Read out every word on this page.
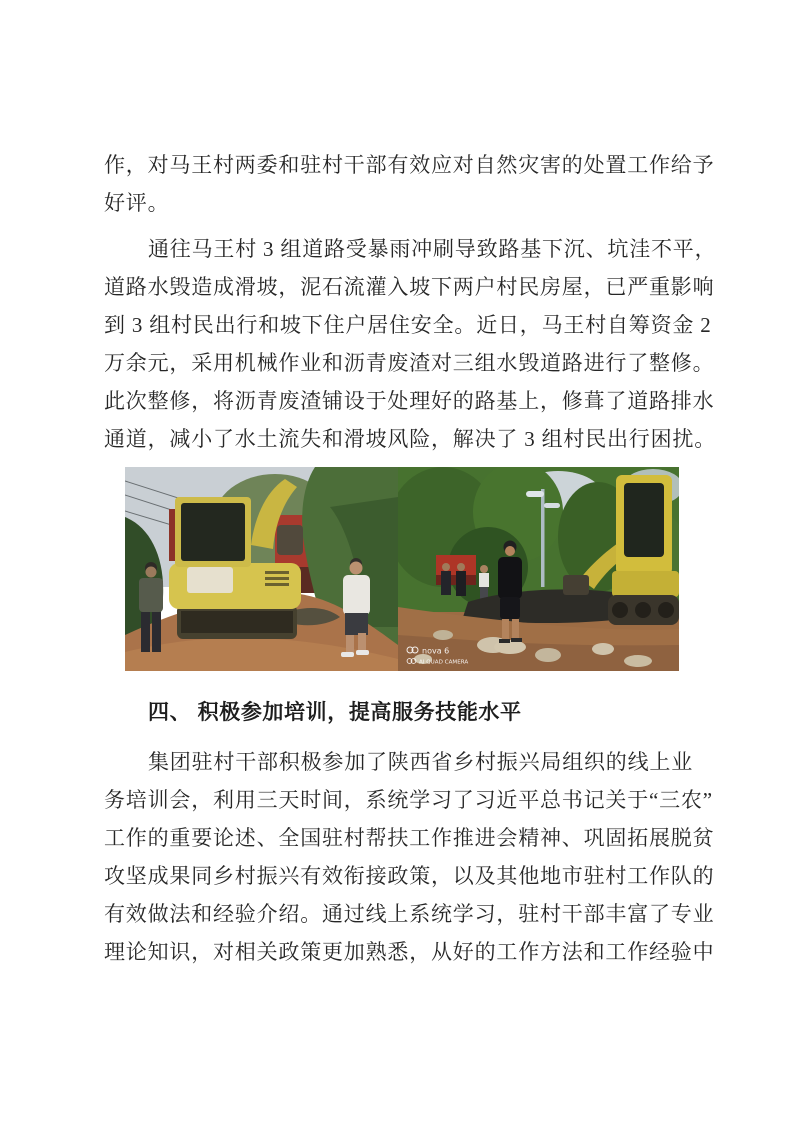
作，对马王村两委和驻村干部有效应对自然灾害的处置工作给予
好评。
通往马王村 3 组道路受暴雨冲刷导致路基下沉、坑洼不平，
道路水毁造成滑坡，泥石流灌入坡下两户村民房屋，已严重影响
到 3 组村民出行和坡下住户居住安全。近日，马王村自筹资金 2
万余元，采用机械作业和沥青废渣对三组水毁道路进行了整修。
此次整修，将沥青废渣铺设于处理好的路基上，修葺了道路排水
通道，减小了水土流失和滑坡风险，解决了 3 组村民出行困扰。
nova 6
AI QUAD CAMERA
四、 积极参加培训，提高服务技能水平
集团驻村干部积极参加了陕西省乡村振兴局组织的线上业
务培训会，利用三天时间，系统学习了习近平总书记关于“三农”
工作的重要论述、全国驻村帮扶工作推进会精神、巩固拓展脱贫
攻坚成果同乡村振兴有效衔接政策，以及其他地市驻村工作队的
有效做法和经验介绍。通过线上系统学习，驻村干部丰富了专业
理论知识，对相关政策更加熟悉，从好的工作方法和工作经验中
